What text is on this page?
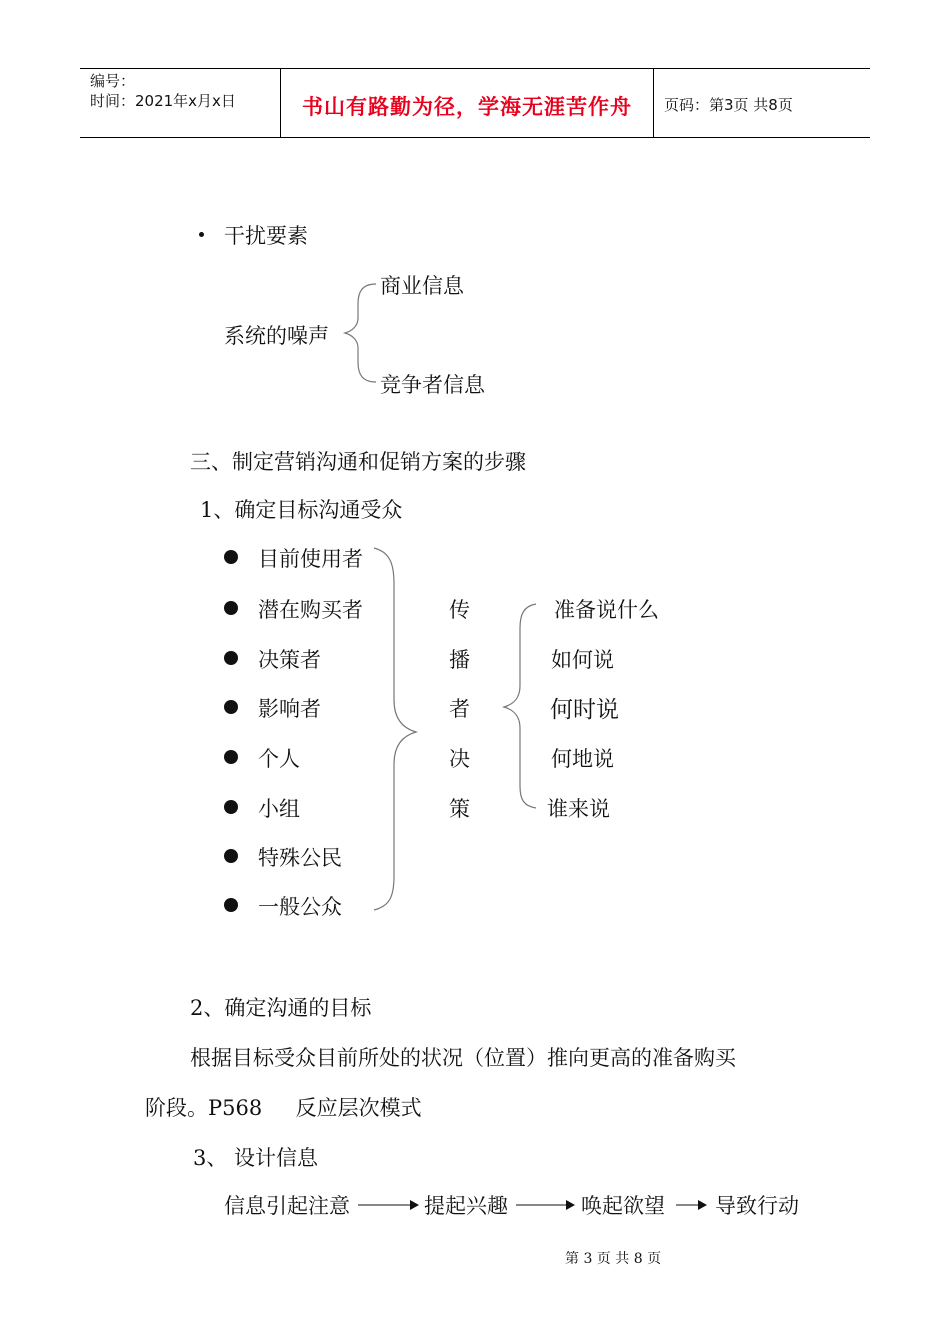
编号：
时间：2021年x月x日	书山有路勤为径，学海无涯苦作舟 页码：第3页 共8页
干扰要素
系统的噪声
商业信息
竞争者信息
三、制定营销沟通和促销方案的步骤
1、确定目标沟通受众
目前使用者
潜在购买者
决策者
影响者
个人
小组
特殊公民
一般公众
传
播
者
决
策
准备说什么
如何说
何时说
何地说
谁来说
2、确定沟通的目标
根据目标受众目前所处的状况（位置）推向更高的准备购买
阶段。P568     反应层次模式
3、 设计信息
信息引起注意	提起兴趣	唤起欲望 导致行动
第 3 页 共 8 页
